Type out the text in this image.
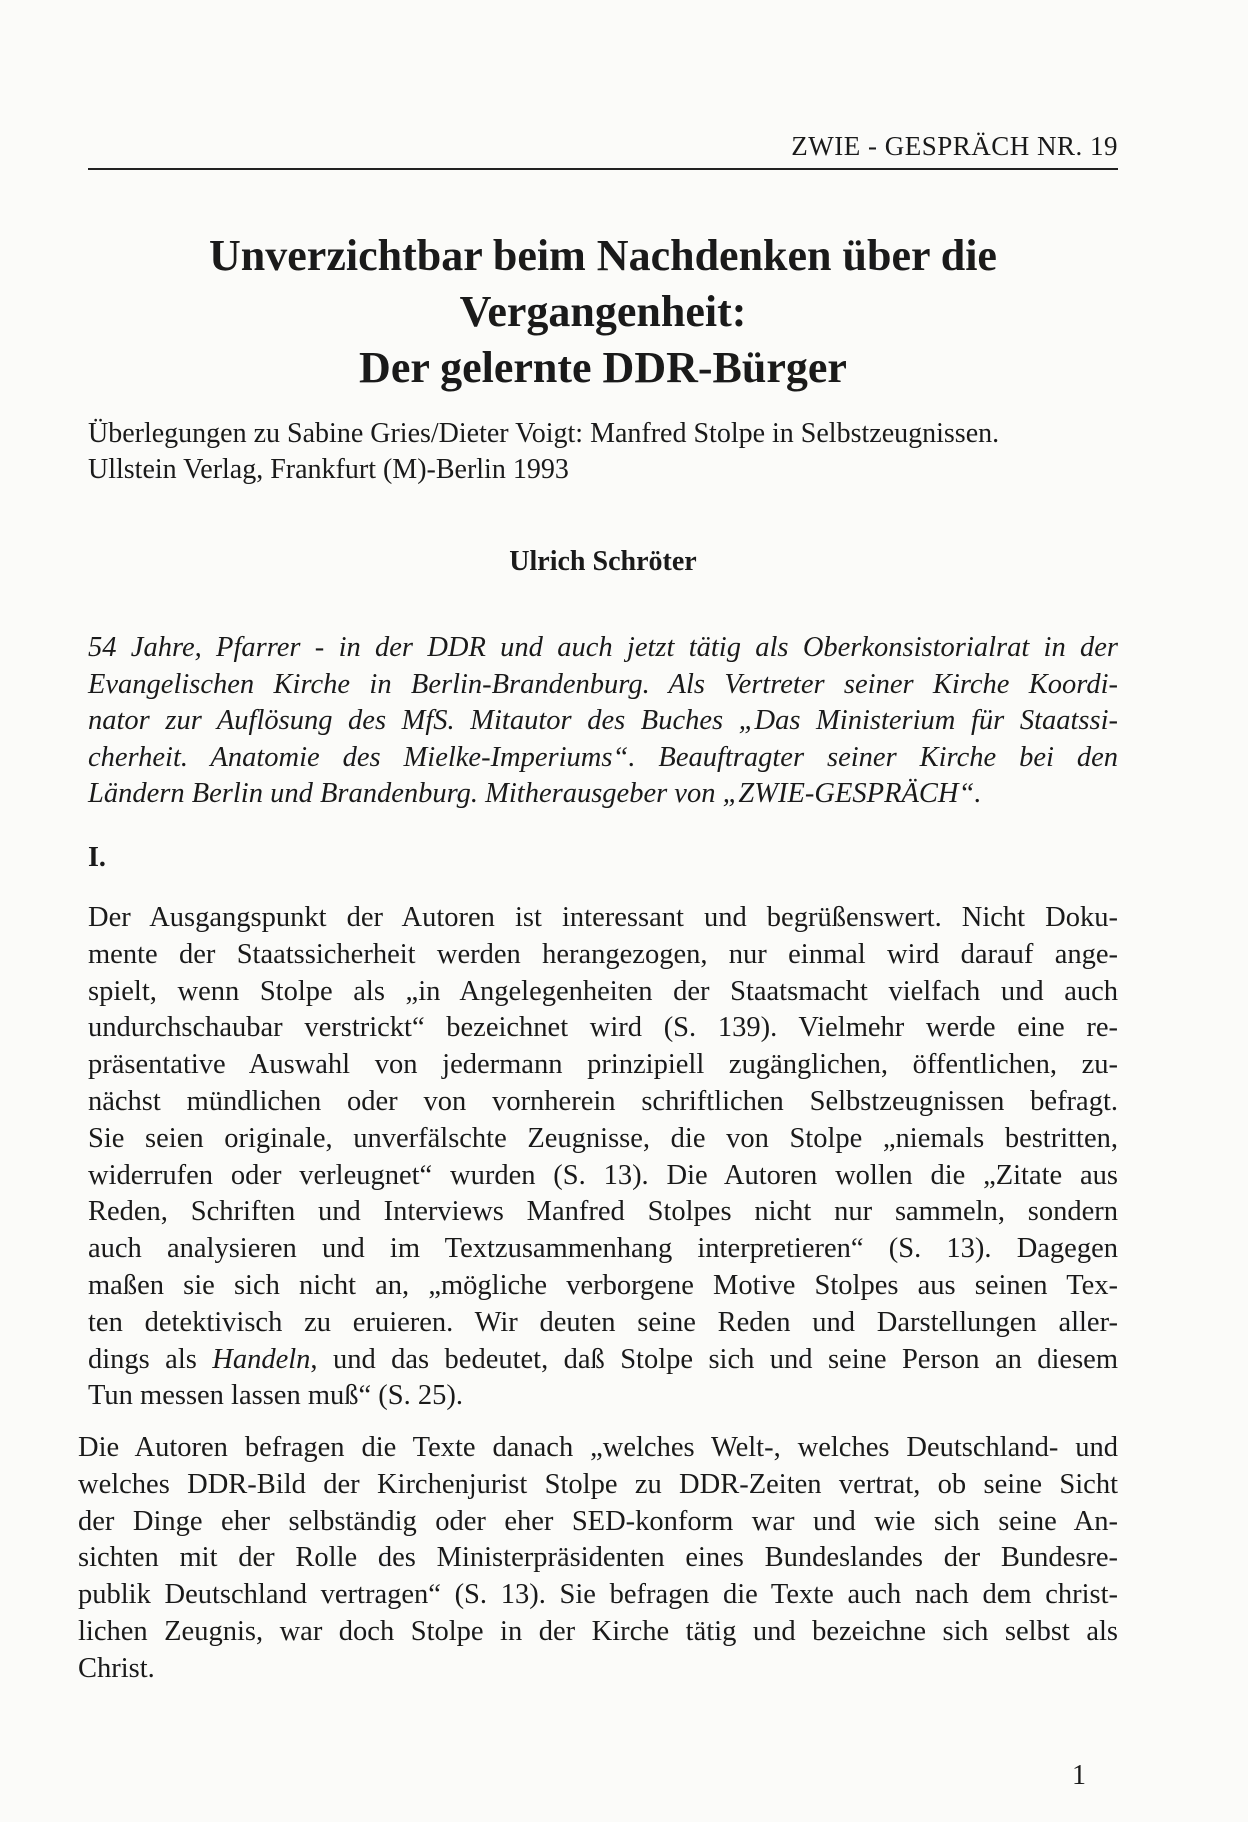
ZWIE - GESPRÄCH NR. 19
Unverzichtbar beim Nachdenken über die
Vergangenheit:
Der gelernte DDR-Bürger

Überlegungen zu Sabine Gries/Dieter Voigt: Manfred Stolpe in Selbstzeugnissen.
Ullstein Verlag, Frankfurt (M)-Berlin 1993

Ulrich Schröter

54 Jahre, Pfarrer - in der DDR und auch jetzt tätig als Oberkonsistorialrat in der
Evangelischen Kirche in Berlin-Brandenburg. Als Vertreter seiner Kirche Koordi-
nator zur Auflösung des MfS. Mitautor des Buches „Das Ministerium für Staatssi-
cherheit. Anatomie des Mielke-Imperiums“. Beauftragter seiner Kirche bei den
Ländern Berlin und Brandenburg. Mitherausgeber von „ZWIE-GESPRÄCH“.

I.

Der Ausgangspunkt der Autoren ist interessant und begrüßenswert. Nicht Doku-
mente der Staatssicherheit werden herangezogen, nur einmal wird darauf ange-
spielt, wenn Stolpe als „in Angelegenheiten der Staatsmacht vielfach und auch
undurchschaubar verstrickt“ bezeichnet wird (S. 139). Vielmehr werde eine re-
präsentative Auswahl von jedermann prinzipiell zugänglichen, öffentlichen, zu-
nächst mündlichen oder von vornherein schriftlichen Selbstzeugnissen befragt.
Sie seien originale, unverfälschte Zeugnisse, die von Stolpe „niemals bestritten,
widerrufen oder verleugnet“ wurden (S. 13). Die Autoren wollen die „Zitate aus
Reden, Schriften und Interviews Manfred Stolpes nicht nur sammeln, sondern
auch analysieren und im Textzusammenhang interpretieren“ (S. 13). Dagegen
maßen sie sich nicht an, „mögliche verborgene Motive Stolpes aus seinen Tex-
ten detektivisch zu eruieren. Wir deuten seine Reden und Darstellungen aller-
dings als Handeln, und das bedeutet, daß Stolpe sich und seine Person an diesem
Tun messen lassen muß“ (S. 25).

Die Autoren befragen die Texte danach „welches Welt-, welches Deutschland- und
welches DDR-Bild der Kirchenjurist Stolpe zu DDR-Zeiten vertrat, ob seine Sicht
der Dinge eher selbständig oder eher SED-konform war und wie sich seine An-
sichten mit der Rolle des Ministerpräsidenten eines Bundeslandes der Bundesre-
publik Deutschland vertragen“ (S. 13). Sie befragen die Texte auch nach dem christ-
lichen Zeugnis, war doch Stolpe in der Kirche tätig und bezeichne sich selbst als
Christ.

1
